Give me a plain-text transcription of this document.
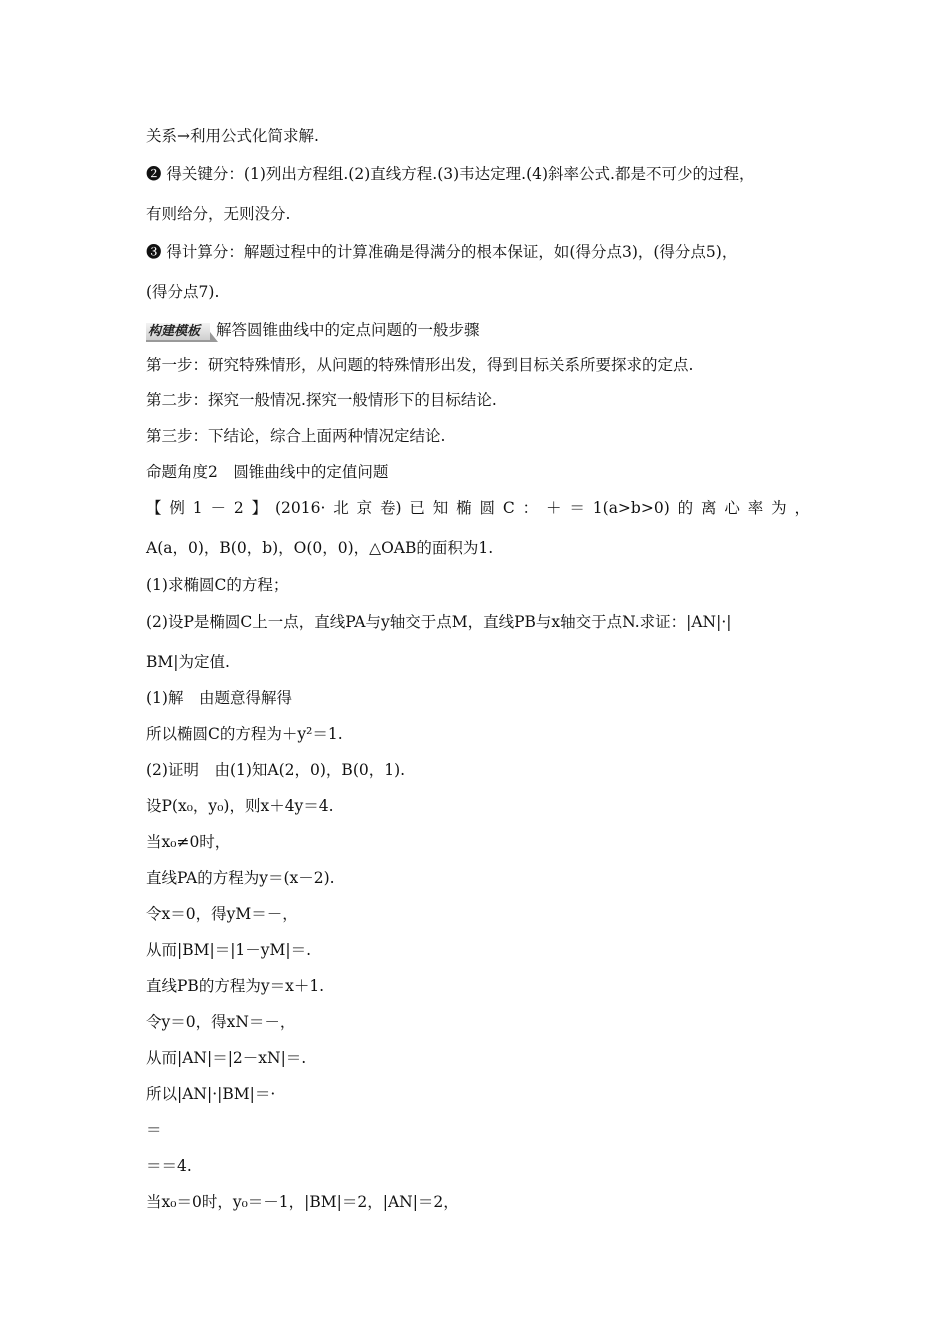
关系→利用公式化简求解.
❷ 得关键分：(1)列出方程组.(2)直线方程.(3)韦达定理.(4)斜率公式.都是不可少的过程，
有则给分，无则没分.
❸ 得计算分：解题过程中的计算准确是得满分的根本保证，如(得分点3)，(得分点5)，
(得分点7).
构建模板 解答圆锥曲线中的定点问题的一般步骤
第一步：研究特殊情形，从问题的特殊情形出发，得到目标关系所要探求的定点.
第二步：探究一般情况.探究一般情形下的目标结论.
第三步：下结论，综合上面两种情况定结论.
命题角度2　圆锥曲线中的定值问题
【 例 1 － 2 】 (2016· 北 京 卷) 已 知 椭 圆 C ： ＋ ＝ 1(a>b>0) 的 离 心 率 为 ，
A(a，0)，B(0，b)，O(0，0)，△OAB的面积为1.
(1)求椭圆C的方程；
(2)设P是椭圆C上一点，直线PA与y轴交于点M，直线PB与x轴交于点N.求证：|AN|·|
BM|为定值.
(1)解　由题意得解得
所以椭圆C的方程为＋y²＝1.
(2)证明　由(1)知A(2，0)，B(0，1).
设P(x₀，y₀)，则x＋4y＝4.
当x₀≠0时，
直线PA的方程为y＝(x－2).
令x＝0，得yM＝－，
从而|BM|＝|1－yM|＝.
直线PB的方程为y＝x＋1.
令y＝0，得xN＝－，
从而|AN|＝|2－xN|＝.
所以|AN|·|BM|＝·
＝
＝＝4.
当x₀＝0时，y₀＝－1，|BM|＝2，|AN|＝2，
